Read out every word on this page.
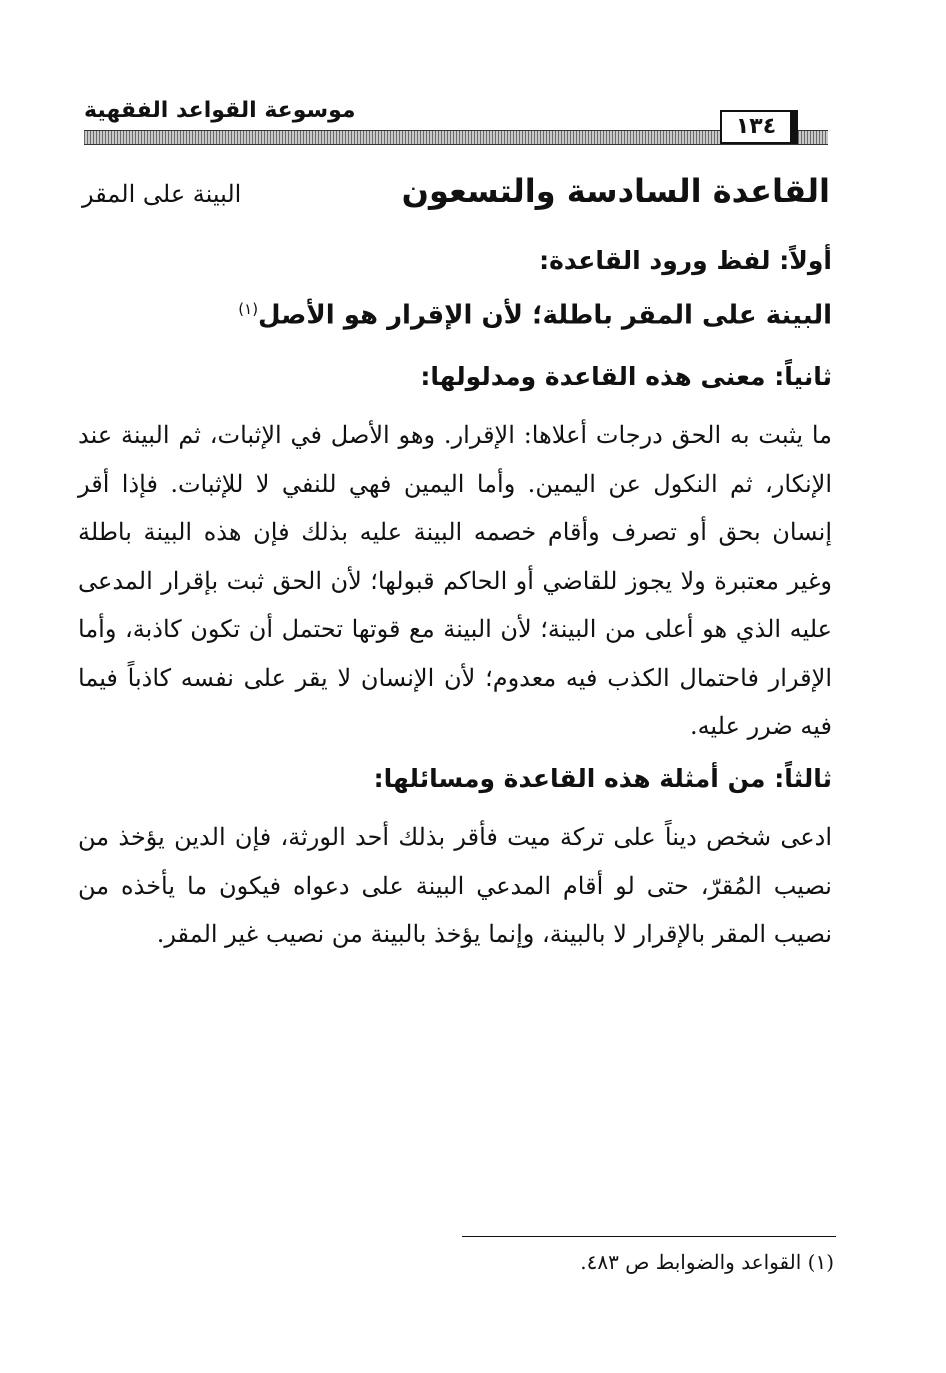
موسوعة القواعد الفقهية
١٣٤
القاعدة السادسة والتسعون
البينة على المقر
أولاً: لفظ ورود القاعدة:
البينة على المقر باطلة؛ لأن الإقرار هو الأصل$^{(١)}$
ثانياً: معنى هذه القاعدة ومدلولها:
ما يثبت به الحق درجات أعلاها: الإقرار. وهو الأصل في الإثبات، ثم البينة عند الإنكار، ثم النكول عن اليمين. وأما اليمين فهي للنفي لا للإثبات. فإذا أقر إنسان بحق أو تصرف وأقام خصمه البينة عليه بذلك فإن هذه البينة باطلة وغير معتبرة ولا يجوز للقاضي أو الحاكم قبولها؛ لأن الحق ثبت بإقرار المدعى عليه الذي هو أعلى من البينة؛ لأن البينة مع قوتها تحتمل أن تكون كاذبة، وأما الإقرار فاحتمال الكذب فيه معدوم؛ لأن الإنسان لا يقر على نفسه كاذباً فيما فيه ضرر عليه.
ثالثاً: من أمثلة هذه القاعدة ومسائلها:
ادعى شخص ديناً على تركة ميت فأقر بذلك أحد الورثة، فإن الدين يؤخذ من نصيب المُقرّ، حتى لو أقام المدعي البينة على دعواه فيكون ما يأخذه من نصيب المقر بالإقرار لا بالبينة، وإنما يؤخذ بالبينة من نصيب غير المقر.
(١) القواعد والضوابط ص ٤٨٣.
